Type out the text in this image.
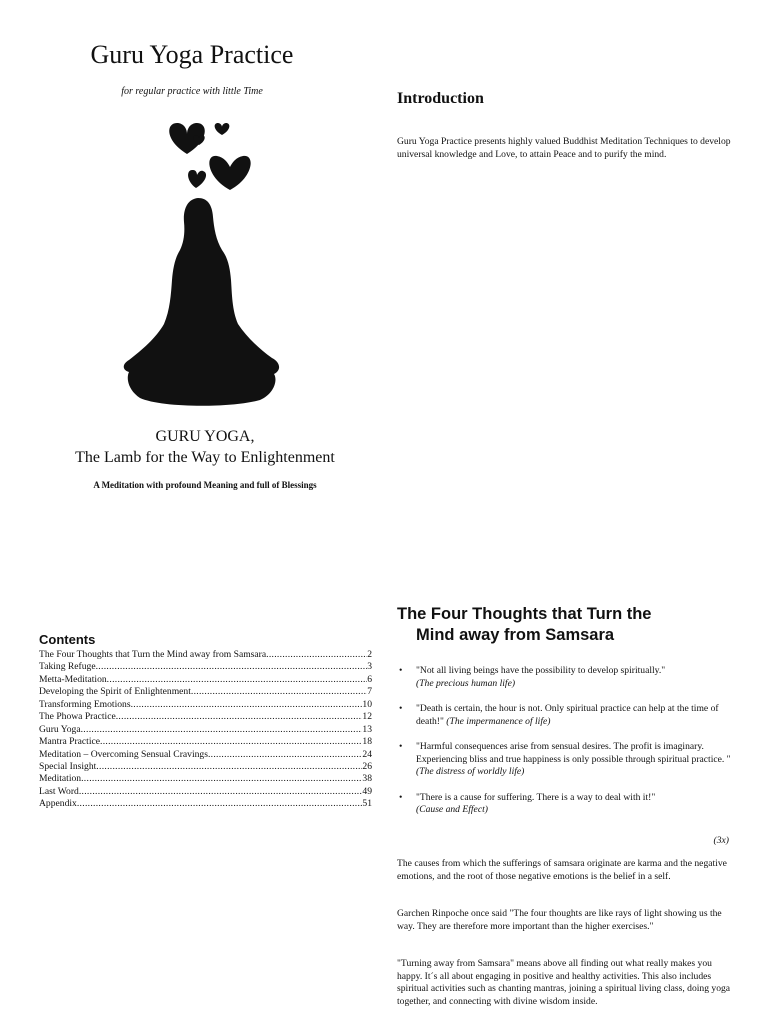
Guru Yoga Practice
for regular practice with little Time
GURU YOGA,
The Lamb for the Way to Enlightenment
A Meditation with profound Meaning and full of Blessings
Introduction
Guru Yoga Practice presents highly valued Buddhist Meditation Techniques to develop universal knowledge and Love, to attain Peace and to purify the mind.
Contents
The Four Thoughts that Turn the Mind away from Samsara .....	2
Taking Refuge .....	3
Metta-Meditation .....	6
Developing the Spirit of Enlightenment .....	7
Transforming Emotions .....	10
The Phowa Practice .....	12
Guru Yoga .....	13
Mantra Practice .....	18
Meditation – Overcoming Sensual Cravings .....	24
Special Insight .....	26
Meditation .....	38
Last Word .....	49
Appendix .....	51
The Four Thoughts that Turn the
Mind away from Samsara
• "Not all living beings have the possibility to develop spiritually."
(The precious human life)
• "Death is certain, the hour is not. Only spiritual practice can help at the time of death!" (The impermanence of life)
• "Harmful consequences arise from sensual desires. The profit is imaginary. Experiencing bliss and true happiness is only possible through spiritual practice. " (The distress of worldly life)
• "There is a cause for suffering. There is a way to deal with it!"
(Cause and Effect)
(3x)

The causes from which the sufferings of samsara originate are karma and the negative emotions, and the root of those negative emotions is the belief in a self.

Garchen Rinpoche once said "The four thoughts are like rays of light showing us the way. They are therefore more important than the higher exercises."

"Turning away from Samsara" means above all finding out what really makes you happy. It´s all about engaging in positive and healthy activities. This also includes spiritual activities such as chanting mantras, joining a spiritual living class, doing yoga together, and connecting with divine wisdom inside.
